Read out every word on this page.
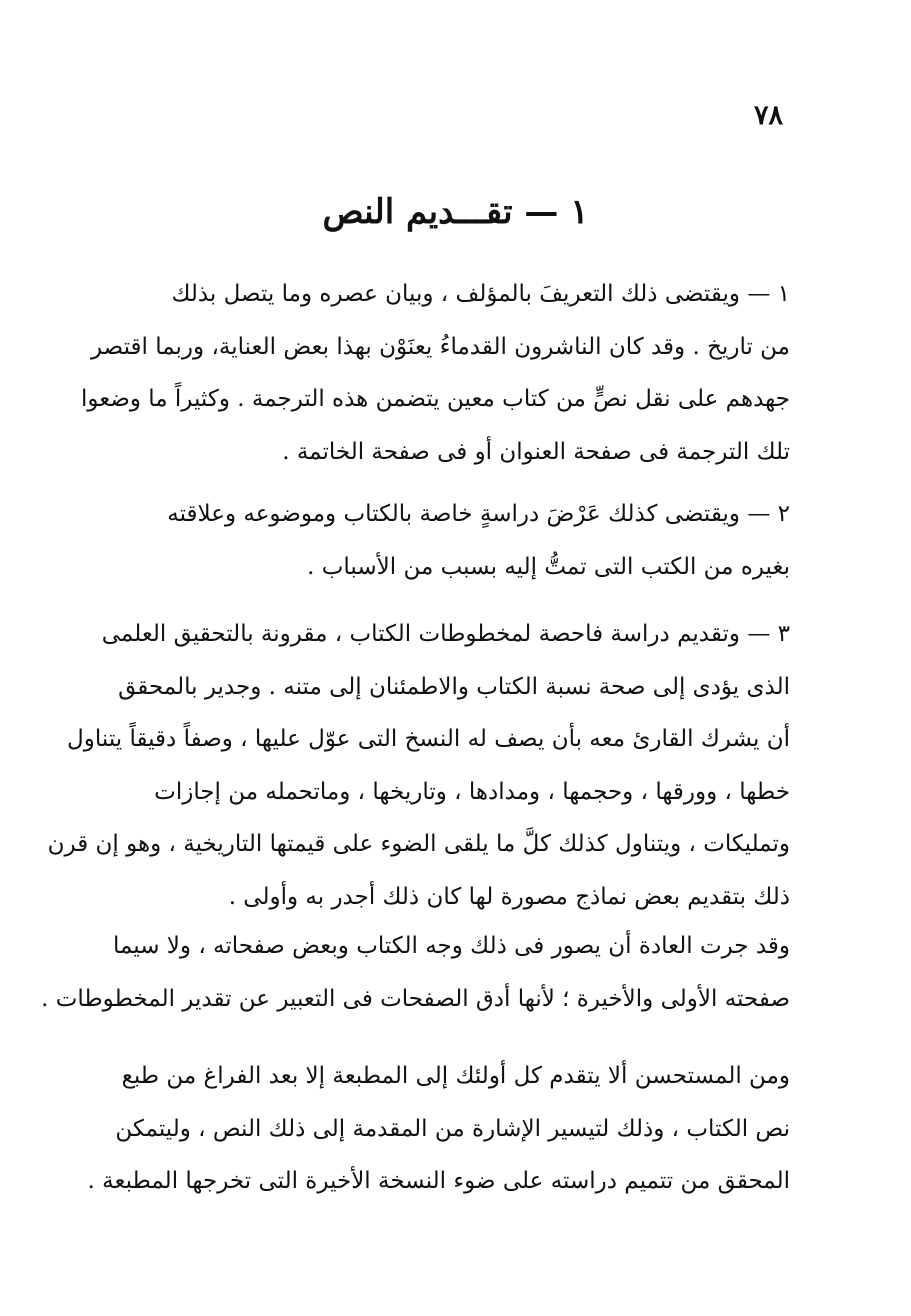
٧٨
١ — تقـــديم النص
١ — ويقتضى ذلك التعريفَ بالمؤلف ، وبيان عصره وما يتصل بذلك
من تاريخ . وقد كان الناشرون القدماءُ يعنَوْن بهذا بعض العناية، وربما اقتصر
جهدهم على نقل نصٍّ من كتاب معين يتضمن هذه الترجمة . وكثيراً ما وضعوا
تلك الترجمة فى صفحة العنوان أو فى صفحة الخاتمة .
٢ — ويقتضى كذلك عَرْضَ دراسةٍ خاصة بالكتاب وموضوعه وعلاقته
بغيره من الكتب التى تمتُّ إليه بسبب من الأسباب .
٣ — وتقديم دراسة فاحصة لمخطوطات الكتاب ، مقرونة بالتحقيق العلمى
الذى يؤدى إلى صحة نسبة الكتاب والاطمئنان إلى متنه . وجدير بالمحقق
أن يشرك القارئ معه بأن يصف له النسخ التى عوّل عليها ، وصفاً دقيقاً يتناول
خطها ، وورقها ، وحجمها ، ومدادها ، وتاريخها ، وماتحمله من إجازات
وتمليكات ، ويتناول كذلك كلَّ ما يلقى الضوء على قيمتها التاريخية ، وهو إن قرن
ذلك بتقديم بعض نماذج مصورة لها كان ذلك أجدر به وأولى .
وقد جرت العادة أن يصور فى ذلك وجه الكتاب وبعض صفحاته ، ولا سيما
صفحته الأولى والأخيرة ؛ لأنها أدق الصفحات فى التعبير عن تقدير المخطوطات .
ومن المستحسن ألا يتقدم كل أولئك إلى المطبعة إلا بعد الفراغ من طبع
نص الكتاب ، وذلك لتيسير الإشارة من المقدمة إلى ذلك النص ، وليتمكن
المحقق من تتميم دراسته على ضوء النسخة الأخيرة التى تخرجها المطبعة .
